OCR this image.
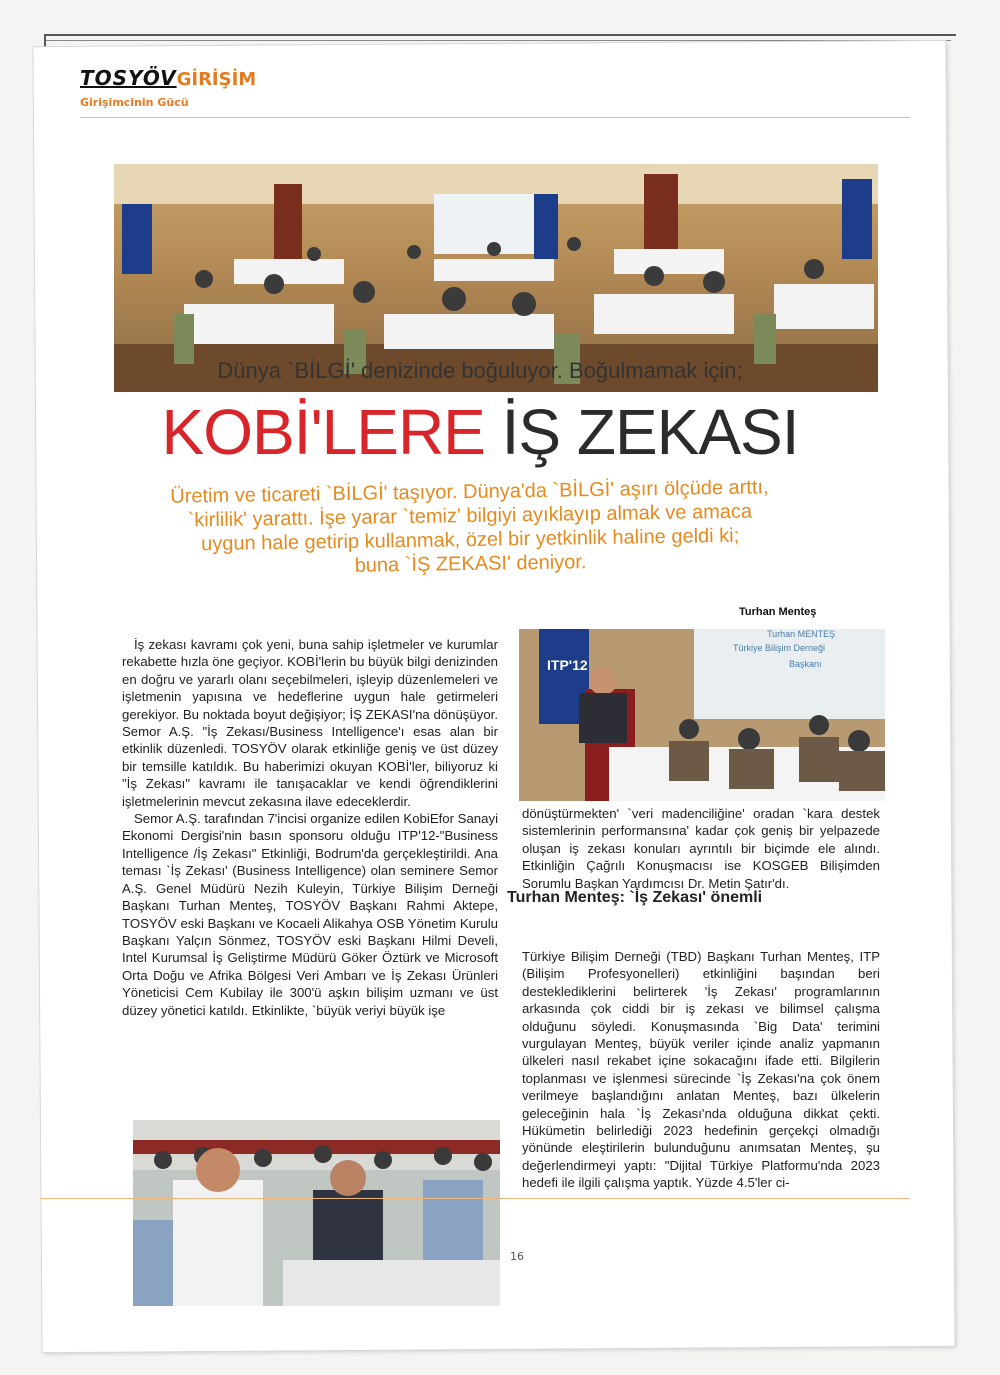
TOSYÖVGİRİŞİM
Girişimcinin Gücü
Dünya `BİLGİ' denizinde boğuluyor. Boğulmamak için;
KOBİ'LERE İŞ ZEKASI

Üretim ve ticareti `BİLGİ' taşıyor. Dünya'da `BİLGİ' aşırı ölçüde arttı,

`kirlilik' yarattı. İşe yarar `temiz' bilgiyi ayıklayıp almak ve amaca

uygun hale getirip kullanmak, özel bir yetkinlik haline geldi ki;

buna `İŞ ZEKASI' deniyor.

İş zekası kavramı çok yeni, buna sahip işletmeler ve kurumlar rekabette hızla öne geçiyor. KOBİ'lerin bu büyük bilgi denizinden en doğru ve yararlı olanı seçebilmeleri, işleyip düzenlemeleri ve işletmenin yapısına ve hedeflerine uygun hale getirmeleri gerekiyor. Bu noktada boyut değişiyor; İŞ ZEKASI'na dönüşüyor. Semor A.Ş. "İş Zekası/Business Intelligence'ı esas alan bir etkinlik düzenledi. TOSYÖV olarak etkinliğe geniş ve üst düzey bir temsille katıldık. Bu haberimizi okuyan KOBİ'ler, biliyoruz ki "İş Zekası" kavramı ile tanışacaklar ve kendi öğrendiklerini işletmelerinin mevcut zekasına ilave edeceklerdir.

Semor A.Ş. tarafından 7'incisi organize edilen KobiEfor Sanayi Ekonomi Dergisi'nin basın sponsoru olduğu ITP'12-"Business Intelligence /İş Zekası" Etkinliği, Bodrum'da gerçekleştirildi. Ana teması `İş Zekası' (Business Intelligence) olan seminere Semor A.Ş. Genel Müdürü Nezih Kuleyin, Türkiye Bilişim Derneği Başkanı Turhan Menteş, TOSYÖV Başkanı Rahmi Aktepe, TOSYÖV eski Başkanı ve Kocaeli Alikahya OSB Yönetim Kurulu Başkanı Yalçın Sönmez, TOSYÖV eski Başkanı Hilmi Develi, Intel Kurumsal İş Geliştirme Müdürü Göker Öztürk ve Microsoft Orta Doğu ve Afrika Bölgesi Veri Ambarı ve İş Zekası Ürünleri Yöneticisi Cem Kubilay ile 300'ü aşkın bilişim uzmanı ve üst düzey yönetici katıldı. Etkinlikte, `büyük veriyi büyük işe

Turhan MENTEŞ
Türkiye Bilişim Derneği
Başkanı
ITP'12
Turhan Menteş

dönüştürmekten' `veri madenciliğine' oradan `kara destek sistemlerinin performansına' kadar çok geniş bir yelpazede oluşan iş zekası konuları ayrıntılı bir biçimde ele alındı. Etkinliğin Çağrılı Konuşmacısı ise KOSGEB Bilişimden Sorumlu Başkan Yardımcısı Dr. Metin Şatır'dı.

Turhan Menteş: `İş Zekası' önemli

Türkiye Bilişim Derneği (TBD) Başkanı Turhan Menteş, ITP (Bilişim Profesyonelleri) etkinliğini başından beri desteklediklerini belirterek 'İş Zekası' programlarının arkasında çok ciddi bir iş zekası ve bilimsel çalışma olduğunu söyledi. Konuşmasında `Big Data' terimini vurgulayan Menteş, büyük veriler içinde analiz yapmanın ülkeleri nasıl rekabet içine sokacağını ifade etti. Bilgilerin toplanması ve işlenmesi sürecinde `İş Zekası'na çok önem verilmeye başlandığını anlatan Menteş, bazı ülkelerin geleceğinin hala `İş Zekası'nda olduğuna dikkat çekti. Hükümetin belirlediği 2023 hedefinin gerçekçi olmadığı yönünde eleştirilerin bulunduğunu anımsatan Menteş, şu değerlendirmeyi yaptı: "Dijital Türkiye Platformu'nda 2023 hedefi ile ilgili çalışma yaptık. Yüzde 4.5'ler ci-

16
